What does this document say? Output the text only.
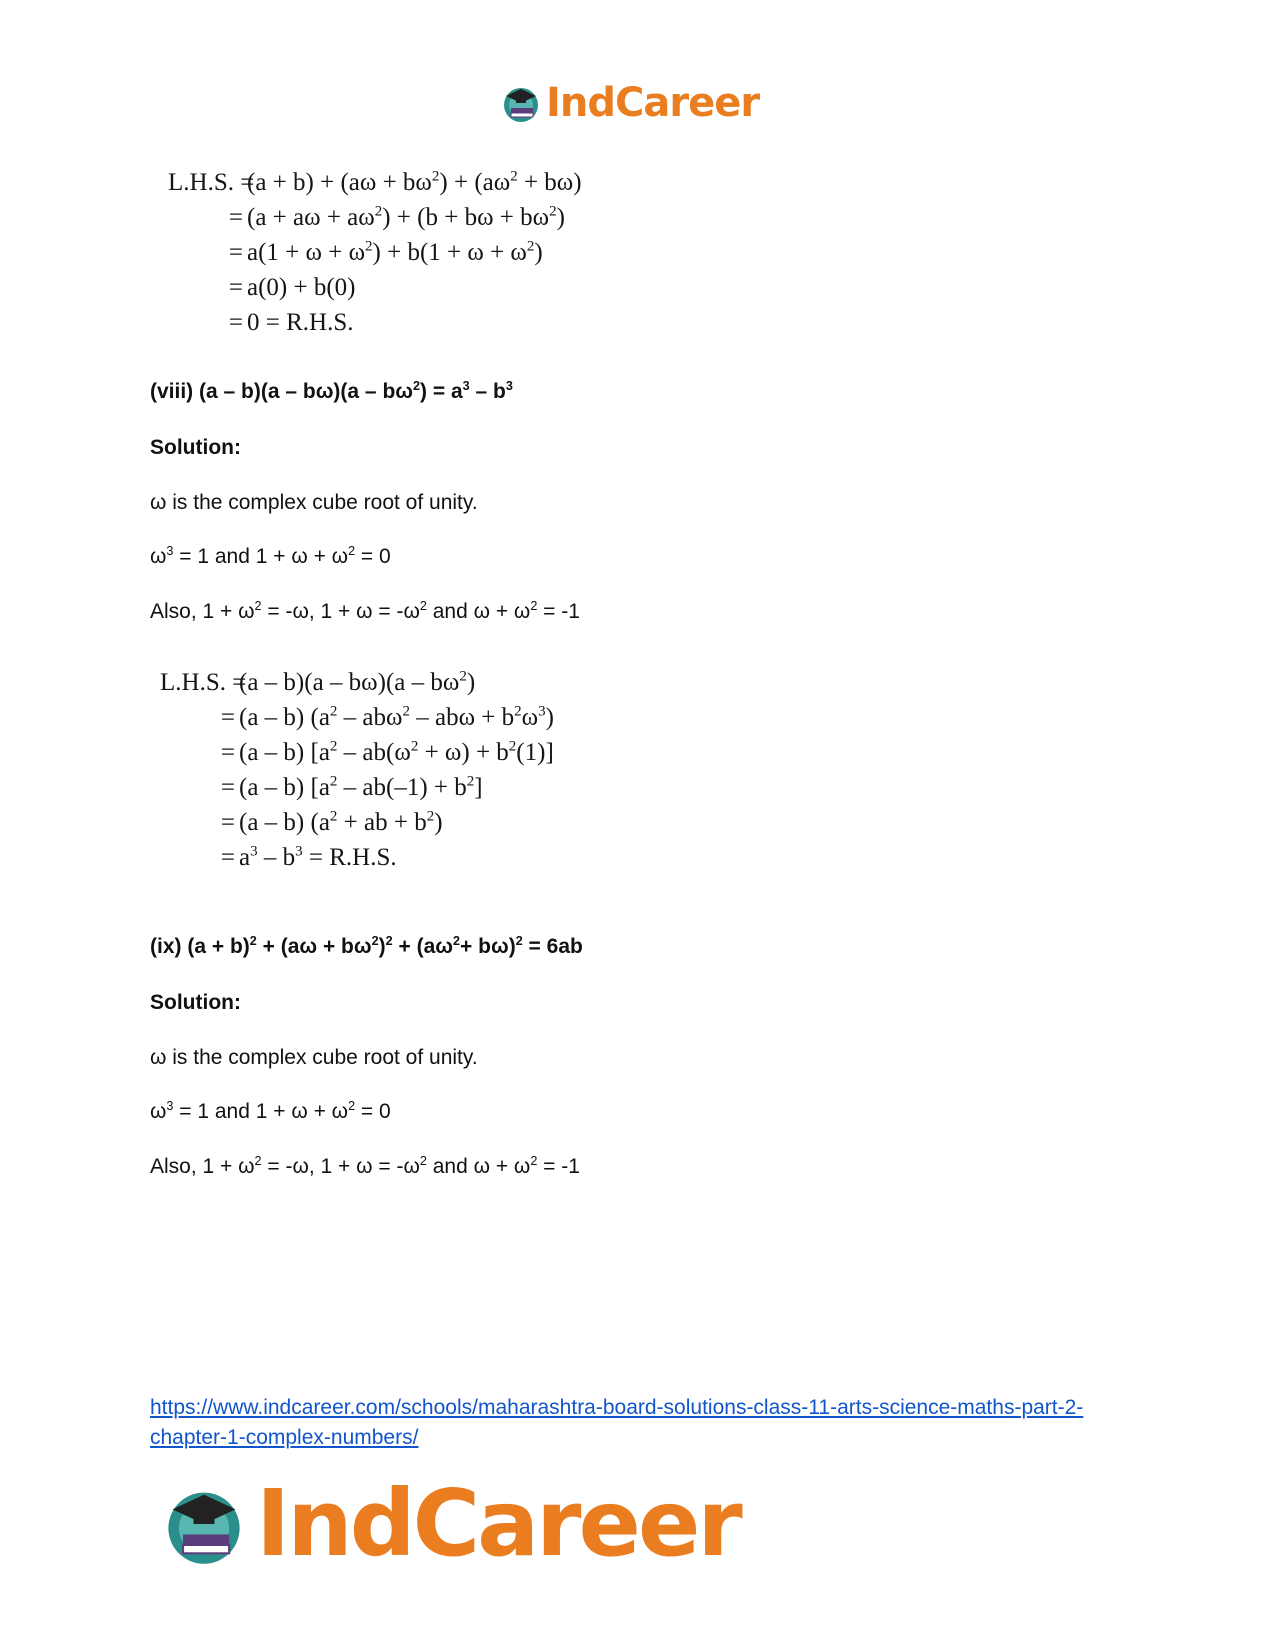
IndCareer
L.H.S. $=(a + b) + (a\omega + b\omega^2) + (a\omega^2 + b\omega)$
= $(a + a\omega + a\omega^2) + (b + b\omega + b\omega^2)$
= $a(1 + \omega + \omega^2) + b(1 + \omega + \omega^2)$
= a(0) + b(0)
= 0 = R.H.S.
(viii) $(a - b)(a - b\omega)(a - b\omega^2) = a^3 - b^3$
Solution:
ω is the complex cube root of unity.
$\omega^3 = 1$ and $1 + \omega + \omega^2 = 0$
Also, $1 + \omega^2 = -\omega$, $1 + \omega = -\omega^2$ and $\omega + \omega^2 = -1$
L.H.S. $=(a - b)(a - b\omega)(a - b\omega^2)$
= (a – b) $(a^2 - ab\omega^2 - ab\omega + b^2\omega^3)$
= (a – b) $[a^2 - ab(\omega^2 + \omega) + b^2(1)]$
= (a – b) $[a^2 - ab(-1) + b^2]$
= (a – b) ($a^2$ + ab + $b^2$)
= $a^3 - b^3 = R.H.S$.
(ix) $(a + b)^2 + (a\omega + b\omega^2)^2 + (a\omega^2+ b\omega)^2 = 6ab$
Solution:
ω is the complex cube root of unity.
$\omega^3 = 1$ and $1 + \omega + \omega^2 = 0$
Also, $1 + \omega^2 = -\omega$, $1 + \omega = -\omega^2$ and $\omega + \omega^2 = -1$
https://www.indcareer.com/schools/maharashtra-board-solutions-class-11-arts-science-maths-part-2-chapter-1-complex-numbers/
IndCareer
